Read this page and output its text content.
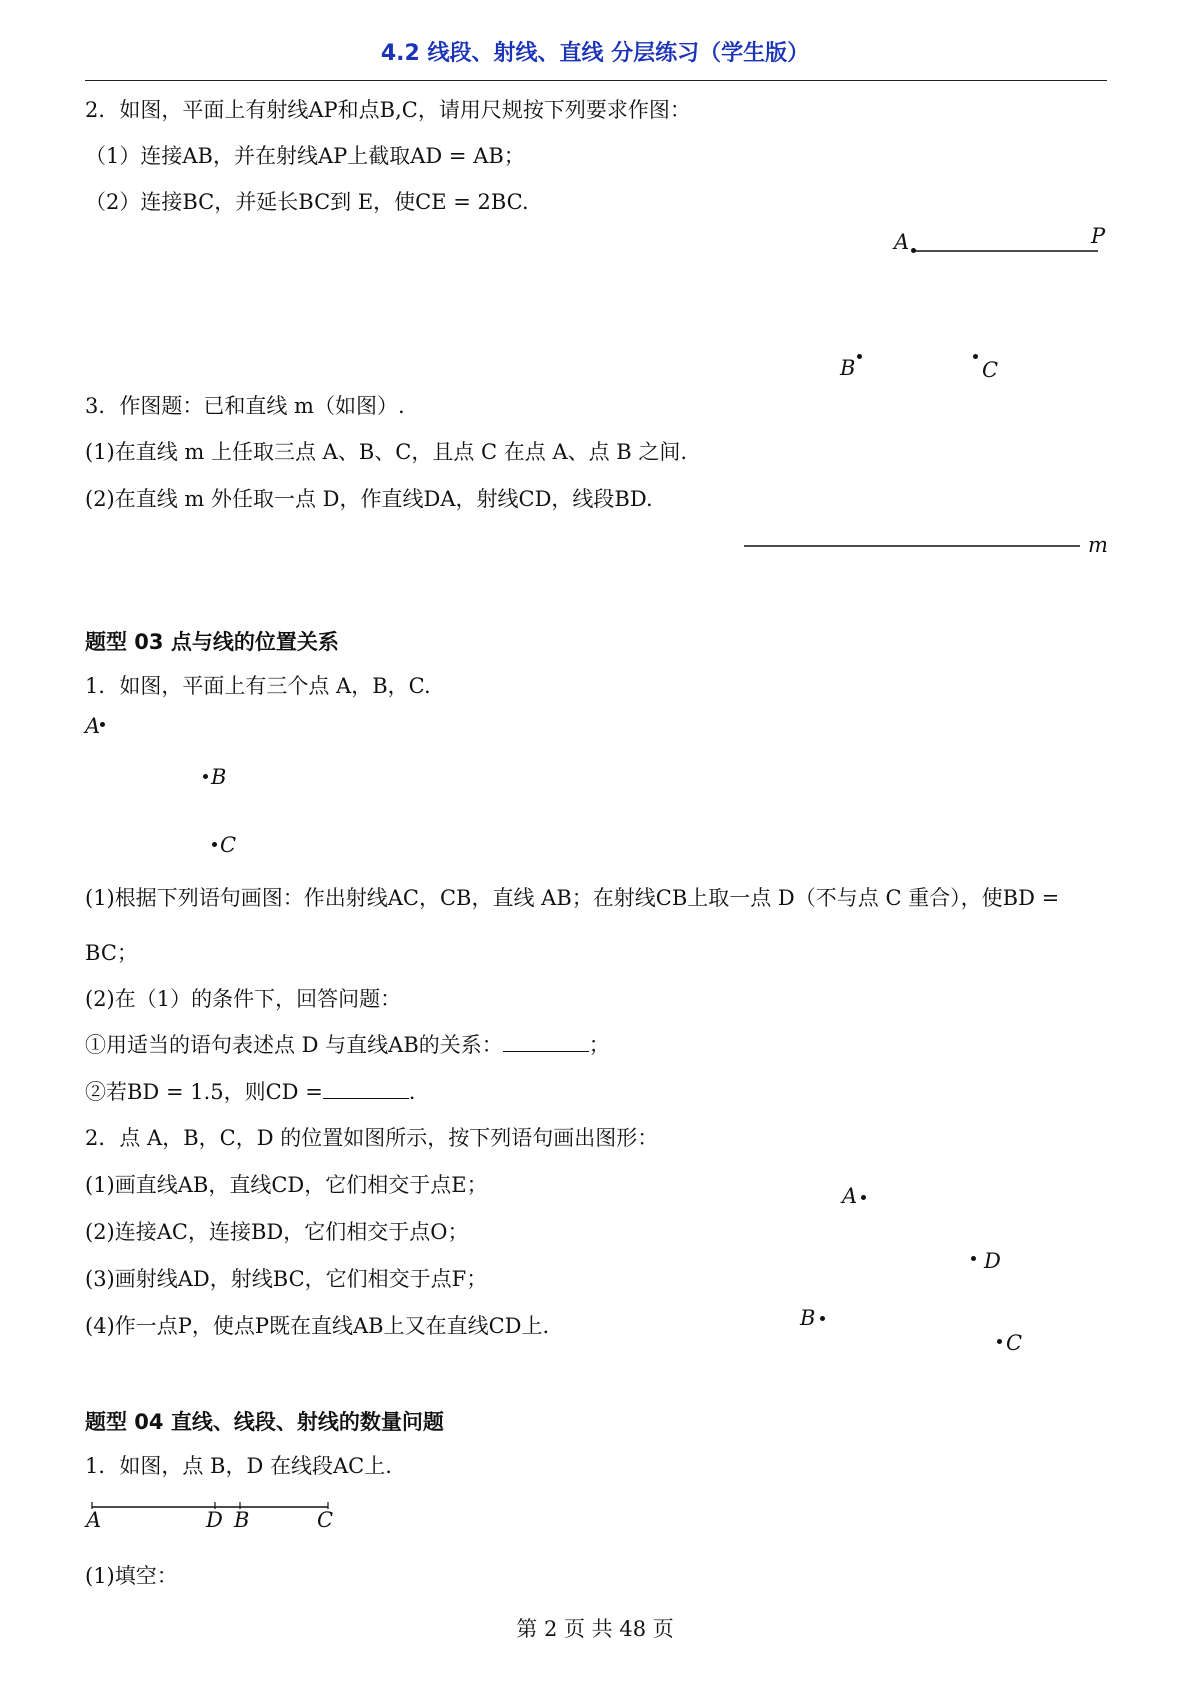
4.2 线段、射线、直线 分层练习（学生版）
2．如图，平面上有射线AP和点B,C，请用尺规按下列要求作图：
（1）连接AB，并在射线AP上截取AD = AB；
（2）连接BC，并延长BC到 E，使CE = 2BC.
A	P
B	C
3．作图题：已和直线 m（如图）.
(1)在直线 m 上任取三点 A、B、C，且点 C 在点 A、点 B 之间.
(2)在直线 m 外任取一点 D，作直线DA，射线CD，线段BD.
m
题型 03 点与线的位置关系
1．如图，平面上有三个点 A，B，C.
A
B
C
(1)根据下列语句画图：作出射线AC，CB，直线 AB；在射线CB上取一点 D（不与点 C 重合），使BD =
BC；
(2)在（1）的条件下，回答问题：
①用适当的语句表述点 D 与直线AB的关系：	；
②若BD = 1.5，则CD =	.
2．点 A，B，C，D 的位置如图所示，按下列语句画出图形：
(1)画直线AB，直线CD，它们相交于点E；
(2)连接AC，连接BD，它们相交于点O；
(3)画射线AD，射线BC，它们相交于点F；
(4)作一点P，使点P既在直线AB上又在直线CD上.
A
D
B
C
题型 04 直线、线段、射线的数量问题
1．如图，点 B，D 在线段AC上.
A	D B	C
(1)填空：
第 2 页 共 48 页
